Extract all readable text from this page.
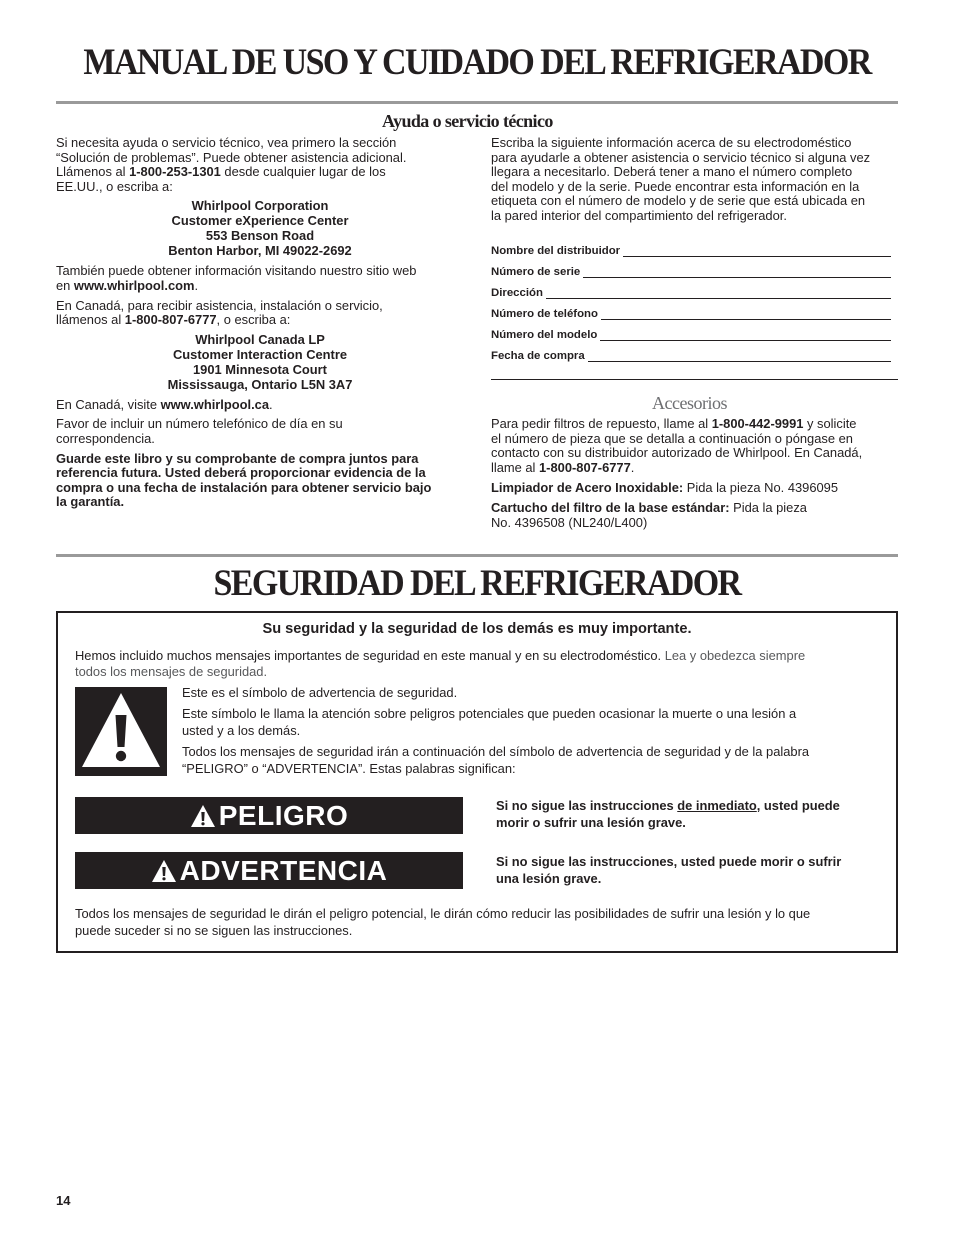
MANUAL DE USO Y CUIDADO DEL REFRIGERADOR
Ayuda o servicio técnico

Si necesita ayuda o servicio técnico, vea primero la sección

“Solución de problemas”. Puede obtener asistencia adicional.

Llámenos al 1-800-253-1301 desde cualquier lugar de los

EE.UU., o escriba a:

Whirlpool Corporation
Customer eXperience Center
553 Benson Road
Benton Harbor, MI 49022-2692

También puede obtener información visitando nuestro sitio web

en www.whirlpool.com.

En Canadá, para recibir asistencia, instalación o servicio,

llámenos al 1-800-807-6777, o escriba a:

Whirlpool Canada LP
Customer Interaction Centre
1901 Minnesota Court
Mississauga, Ontario L5N 3A7

En Canadá, visite www.whirlpool.ca.

Favor de incluir un número telefónico de día en su

correspondencia.

Guarde este libro y su comprobante de compra juntos para

referencia futura. Usted deberá proporcionar evidencia de la

compra o una fecha de instalación para obtener servicio bajo

la garantía.

Escriba la siguiente información acerca de su electrodoméstico

para ayudarle a obtener asistencia o servicio técnico si alguna vez

llegara a necesitarlo. Deberá tener a mano el número completo

del modelo y de la serie. Puede encontrar esta información en la

etiqueta con el número de modelo y de serie que está ubicada en

la pared interior del compartimiento del refrigerador.

Nombre del distribuidor
Número de serie
Dirección
Número de teléfono
Número del modelo
Fecha de compra
Accesorios

Para pedir filtros de repuesto, llame al 1-800-442-9991 y solicite

el número de pieza que se detalla a continuación o póngase en

contacto con su distribuidor autorizado de Whirlpool. En Canadá,

llame al 1-800-807-6777.

Limpiador de Acero Inoxidable: Pida la pieza No. 4396095

Cartucho del filtro de la base estándar: Pida la pieza

No. 4396508 (NL240/L400)

SEGURIDAD DEL REFRIGERADOR
Su seguridad y la seguridad de los demás es muy importante.
Hemos incluido muchos mensajes importantes de seguridad en este manual y en su electrodoméstico. Lea y obedezca siempre
todos los mensajes de seguridad.
Este es el símbolo de advertencia de seguridad.
Este símbolo le llama la atención sobre peligros potenciales que pueden ocasionar la muerte o una lesión a
usted y a los demás.
Todos los mensajes de seguridad irán a continuación del símbolo de advertencia de seguridad y de la palabra
“PELIGRO” o “ADVERTENCIA”. Estas palabras significan:
PELIGRO	Si no sigue las instrucciones de inmediato, usted puede
morir o sufrir una lesión grave.
ADVERTENCIA	Si no sigue las instrucciones, usted puede morir o sufrir
una lesión grave.
Todos los mensajes de seguridad le dirán el peligro potencial, le dirán cómo reducir las posibilidades de sufrir una lesión y lo que
puede suceder si no se siguen las instrucciones.
14
